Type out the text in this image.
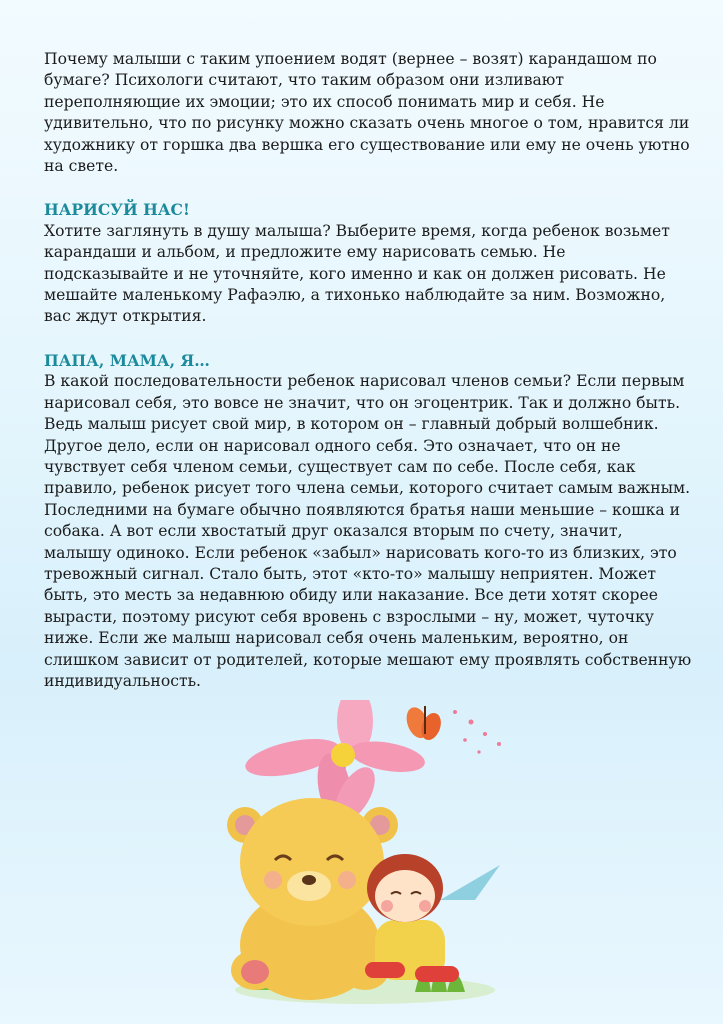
Почему малыши с таким упоением водят (вернее – возят) карандашом по бумаге? Психологи считают, что таким образом они изливают переполняющие их эмоции; это их способ понимать мир и себя. Не удивительно, что по рисунку можно сказать очень многое о том, нравится ли художнику от горшка два вершка его существование или ему не очень уютно на свете.

НАРИСУЙ НАС!

Хотите заглянуть в душу малыша? Выберите время, когда ребенок возьмет карандаши и альбом, и предложите ему нарисовать семью. Не подсказывайте и не уточняйте, кого именно и как он должен рисовать. Не мешайте маленькому Рафаэлю, а тихонько наблюдайте за ним. Возможно, вас ждут открытия.

ПАПА, МАМА, Я…

В какой последовательности ребенок нарисовал членов семьи? Если первым нарисовал себя, это вовсе не значит, что он эгоцентрик. Так и должно быть. Ведь малыш рисует свой мир, в котором он – главный добрый волшебник. Другое дело, если он нарисовал одного себя. Это означает, что он не чувствует себя членом семьи, существует сам по себе. После себя, как правило, ребенок рисует того члена семьи, которого считает самым важным.

Последними на бумаге обычно появляются братья наши меньшие – кошка и собака. А вот если хвостатый друг оказался вторым по счету, значит, малышу одиноко. Если ребенок «забыл» нарисовать кого-то из близких, это тревожный сигнал. Стало быть, этот «кто-то» малышу неприятен. Может быть, это месть за недавнюю обиду или наказание. Все дети хотят скорее вырасти, поэтому рисуют себя вровень с взрослыми – ну, может, чуточку ниже. Если же малыш нарисовал себя очень маленьким, вероятно, он слишком зависит от родителей, которые мешают ему проявлять собственную индивидуальность.
